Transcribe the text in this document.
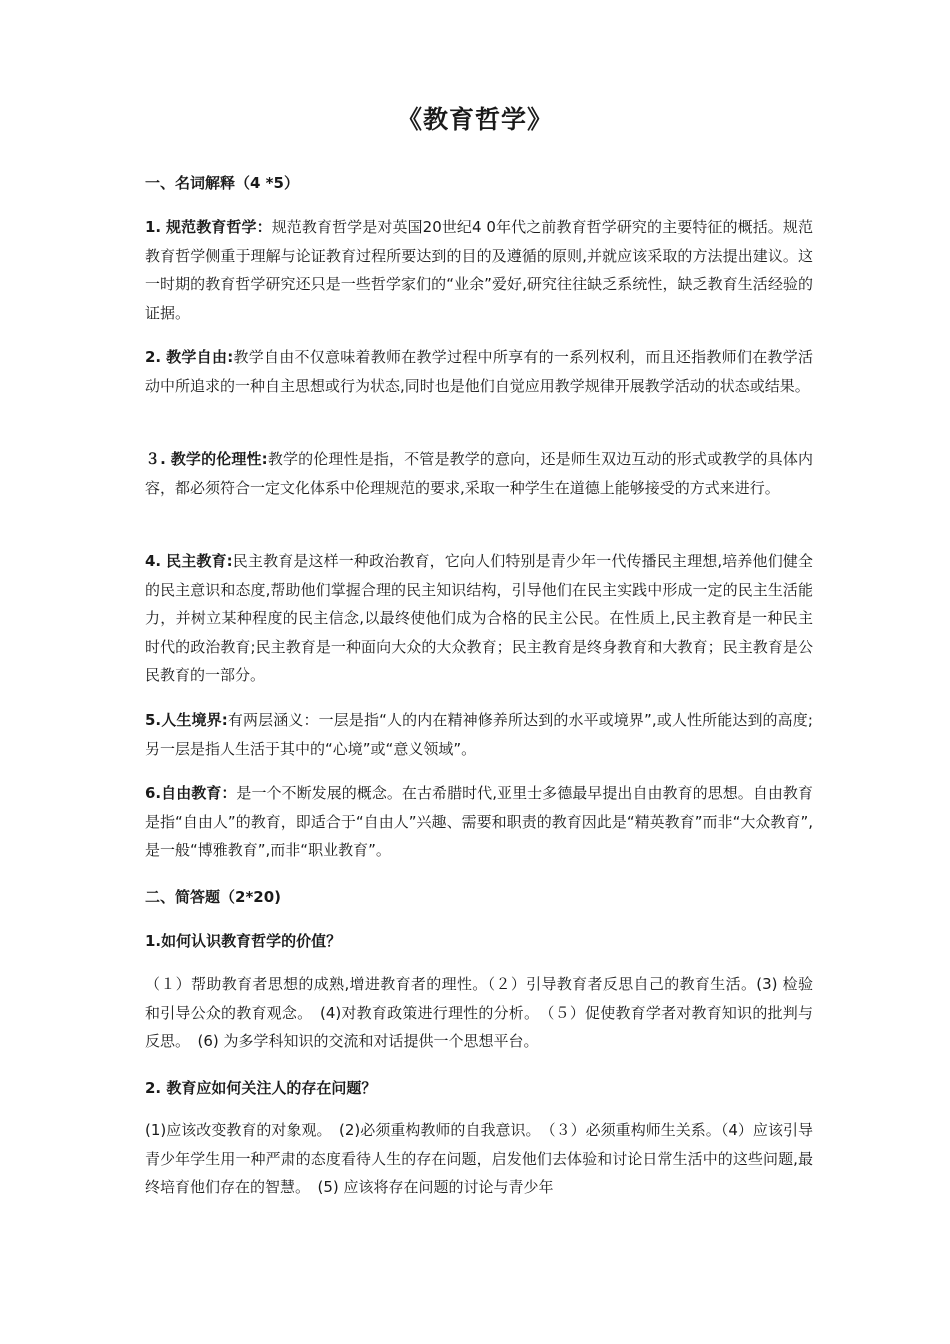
《教育哲学》
一、名词解释（4 *5）
1. 规范教育哲学：规范教育哲学是对英国20世纪4 0年代之前教育哲学研究的主要特征的概括。规范教育哲学侧重于理解与论证教育过程所要达到的目的及遵循的原则,并就应该采取的方法提出建议。这一时期的教育哲学研究还只是一些哲学家们的“业余”爱好,研究往往缺乏系统性，缺乏教育生活经验的证据。
2. 教学自由:教学自由不仅意味着教师在教学过程中所享有的一系列权利，而且还指教师们在教学活动中所追求的一种自主思想或行为状态,同时也是他们自觉应用教学规律开展教学活动的状态或结果。
３. 教学的伦理性:教学的伦理性是指，不管是教学的意向，还是师生双边互动的形式或教学的具体内容，都必须符合一定文化体系中伦理规范的要求,采取一种学生在道德上能够接受的方式来进行。
4. 民主教育:民主教育是这样一种政治教育，它向人们特别是青少年一代传播民主理想,培养他们健全的民主意识和态度,帮助他们掌握合理的民主知识结构，引导他们在民主实践中形成一定的民主生活能力，并树立某种程度的民主信念,以最终使他们成为合格的民主公民。在性质上,民主教育是一种民主时代的政治教育;民主教育是一种面向大众的大众教育；民主教育是终身教育和大教育；民主教育是公民教育的一部分。
5.人生境界:有两层涵义：一层是指“人的内在精神修养所达到的水平或境界”,或人性所能达到的高度;另一层是指人生活于其中的“心境”或“意义领域”。
6.自由教育：是一个不断发展的概念。在古希腊时代,亚里士多德最早提出自由教育的思想。自由教育是指“自由人”的教育，即适合于“自由人”兴趣、需要和职责的教育因此是“精英教育”而非“大众教育”,是一般“博雅教育”,而非“职业教育”。
二、简答题（2*20)
1.如何认识教育哲学的价值？
（１）帮助教育者思想的成熟,增进教育者的理性。（２）引导教育者反思自己的教育生活。(3) 检验和引导公众的教育观念。　(4)对教育政策进行理性的分析。　（５）促使教育学者对教育知识的批判与反思。　(6) 为多学科知识的交流和对话提供一个思想平台。
2. 教育应如何关注人的存在问题？
(1)应该改变教育的对象观。　(2)必须重构教师的自我意识。　（３）必须重构师生关系。（4）应该引导青少年学生用一种严肃的态度看待人生的存在问题，启发他们去体验和讨论日常生活中的这些问题,最终培育他们存在的智慧。　(5) 应该将存在问题的讨论与青少年
